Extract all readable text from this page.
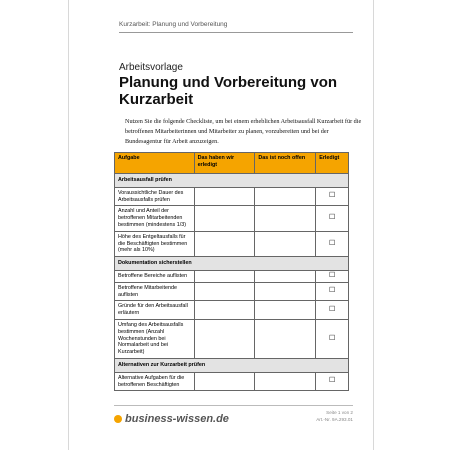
Kurzarbeit: Planung und Vorbereitung
Arbeitsvorlage
Planung und Vorbereitung von Kurzarbeit
Nutzen Sie die folgende Checkliste, um bei einem erheblichen Arbeitsausfall Kurzarbeit für die betroffenen Mitarbeiterinnen und Mitarbeiter zu planen, vorzubereiten und bei der Bundesagentur für Arbeit anzuzeigen.
Aufgabe	Das haben wir erledigt	Das ist noch offen	Erledigt
Arbeitsausfall prüfen			
Voraussichtliche Dauer des Arbeitsausfalls prüfen			☐
Anzahl und Anteil der betroffenen Mitarbeitenden bestimmen (mindestens 1/3)			☐
Höhe des Entgeltausfalls für die Beschäftigten bestimmen (mehr als 10%)			☐
Dokumentation sicherstellen			
Betroffene Bereiche auflisten			☐
Betroffene Mitarbeitende auflisten			☐
Gründe für den Arbeitsausfall erläutern			☐
Umfang des Arbeitsausfalls bestimmen (Anzahl Wochenstunden bei Normalarbeit und bei Kurzarbeit)			☐
Alternativen zur Kurzarbeit prüfen			
Alternative Aufgaben für die betroffenen Beschäftigten			☐
business-wissen.de
Seite 1 von 2
Art.-Nr. 9A.293.01
